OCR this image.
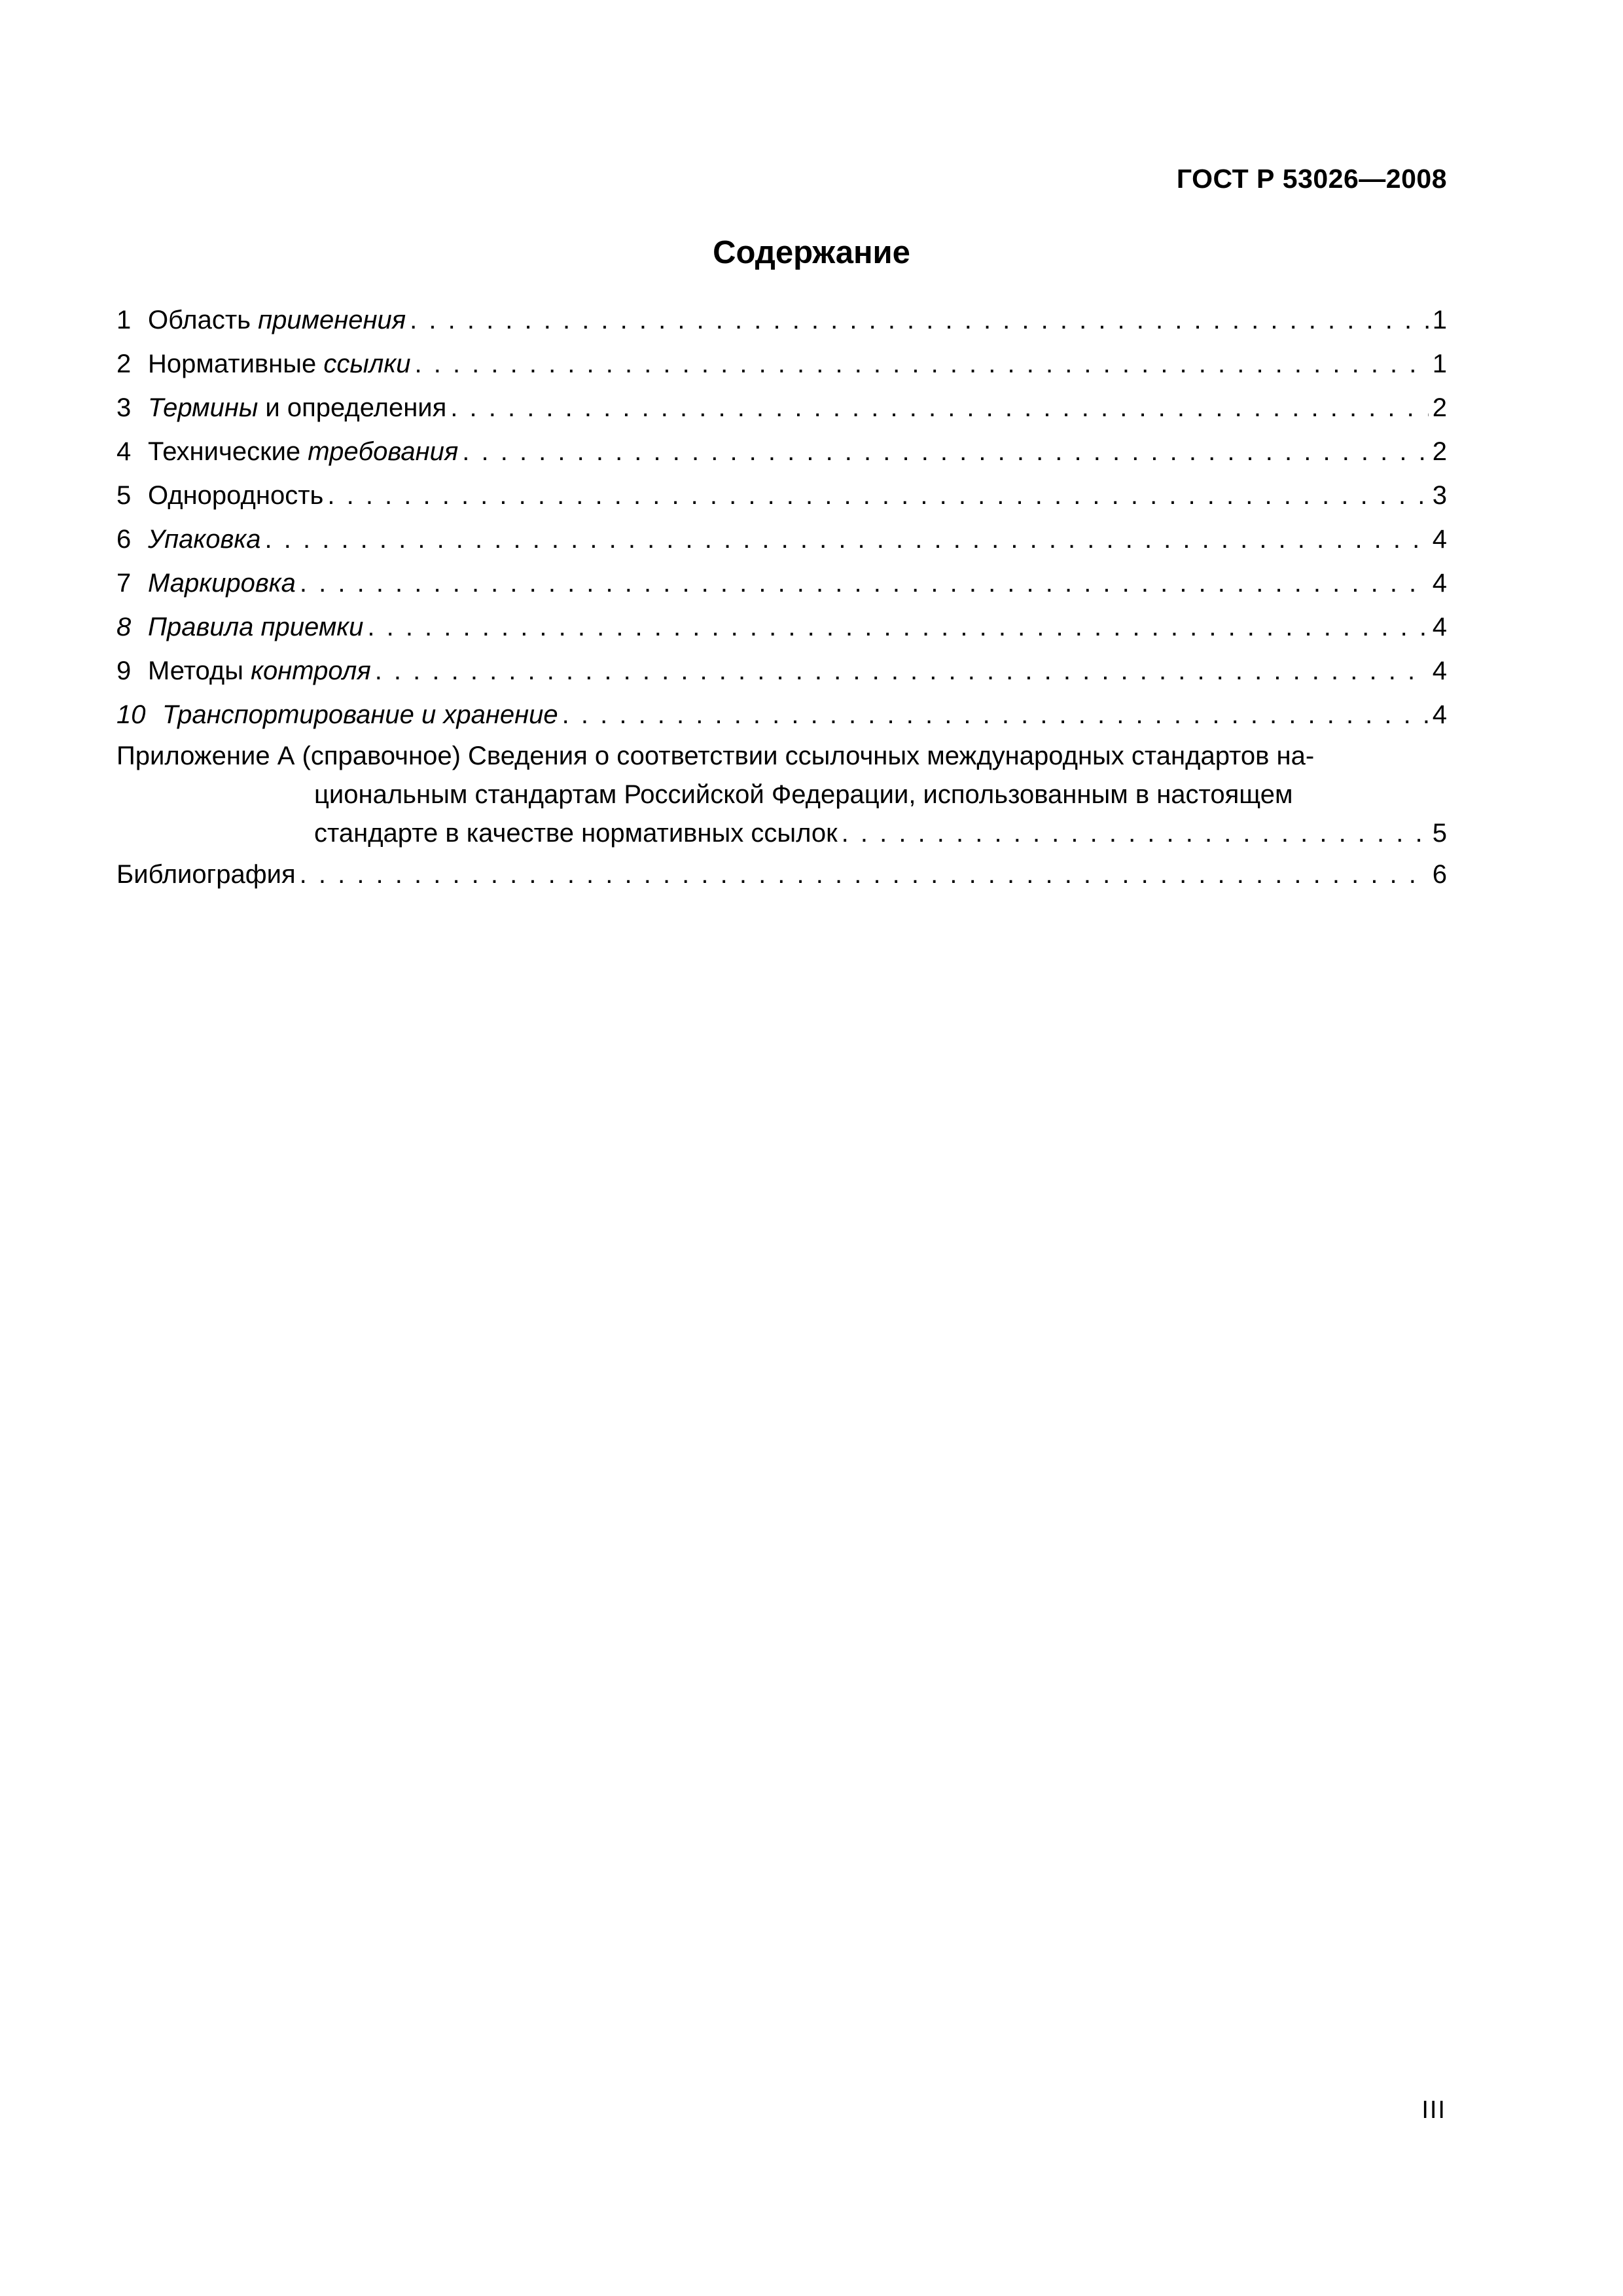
ГОСТ Р 53026—2008
Содержание
1 Область применения . . .	1
2 Нормативные ссылки . . .	1
3 Термины и определения . . .	2
4 Технические требования . . .	2
5 Однородность . . .	3
6 Упаковка . . .	4
7 Маркировка . . .	4
8 Правила приемки . . .	4
9 Методы контроля . . .	4
10 Транспортирование и хранение . . .	4
Приложение А (справочное) Сведения о соответствии ссылочных международных стандартов на-
циональным стандартам Российской Федерации, использованным в настоящем
стандарте в качестве нормативных ссылок . . .	5
Библиография . . .	6
III
